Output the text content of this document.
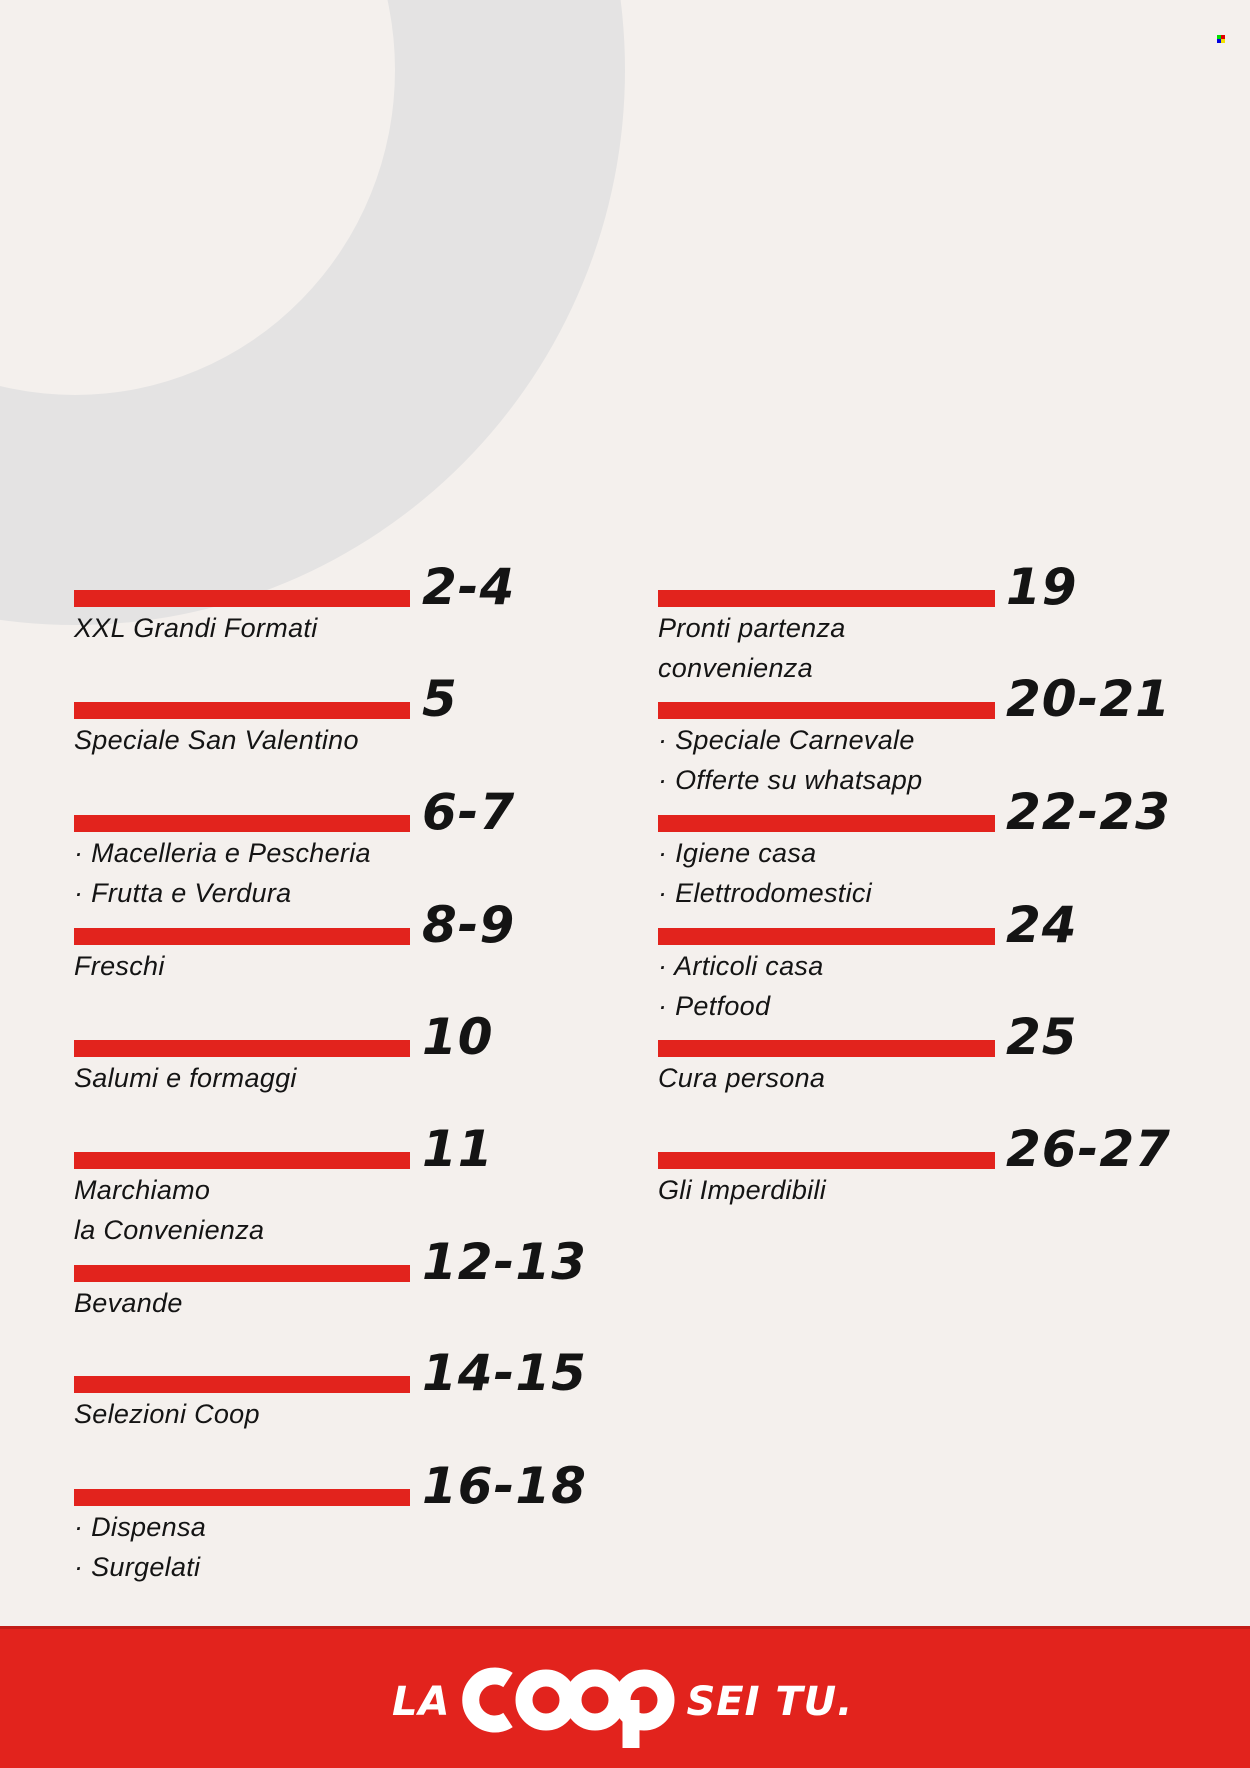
2-4
XXL Grandi Formati
5
Speciale San Valentino
6-7
· Macelleria e Pescheria
· Frutta e Verdura
8-9
Freschi
10
Salumi e formaggi
11
Marchiamo
la Convenienza
12-13
Bevande
14-15
Selezioni Coop
16-18
· Dispensa
· Surgelati
19
Pronti partenza
convenienza
20-21
· Speciale Carnevale
· Offerte su whatsapp
22-23
· Igiene casa
· Elettrodomestici
24
· Articoli casa
· Petfood
25
Cura persona
26-27
Gli Imperdibili
LA	SEI TU.
